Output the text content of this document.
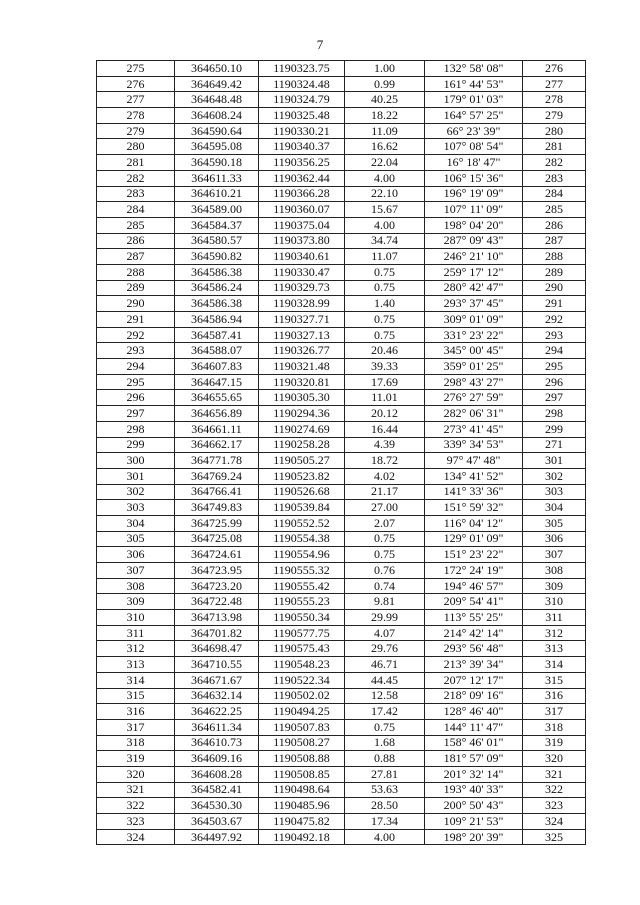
7
275	364650.10	1190323.75	1.00	132° 58' 08"	276
276	364649.42	1190324.48	0.99	161° 44' 53"	277
277	364648.48	1190324.79	40.25	179° 01' 03"	278
278	364608.24	1190325.48	18.22	164° 57' 25"	279
279	364590.64	1190330.21	11.09	66° 23' 39"	280
280	364595.08	1190340.37	16.62	107° 08' 54"	281
281	364590.18	1190356.25	22.04	16° 18' 47"	282
282	364611.33	1190362.44	4.00	106° 15' 36"	283
283	364610.21	1190366.28	22.10	196° 19' 09"	284
284	364589.00	1190360.07	15.67	107° 11' 09"	285
285	364584.37	1190375.04	4.00	198° 04' 20"	286
286	364580.57	1190373.80	34.74	287° 09' 43"	287
287	364590.82	1190340.61	11.07	246° 21' 10"	288
288	364586.38	1190330.47	0.75	259° 17' 12"	289
289	364586.24	1190329.73	0.75	280° 42' 47"	290
290	364586.38	1190328.99	1.40	293° 37' 45"	291
291	364586.94	1190327.71	0.75	309° 01' 09"	292
292	364587.41	1190327.13	0.75	331° 23' 22"	293
293	364588.07	1190326.77	20.46	345° 00' 45"	294
294	364607.83	1190321.48	39.33	359° 01' 25"	295
295	364647.15	1190320.81	17.69	298° 43' 27"	296
296	364655.65	1190305.30	11.01	276° 27' 59"	297
297	364656.89	1190294.36	20.12	282° 06' 31"	298
298	364661.11	1190274.69	16.44	273° 41' 45"	299
299	364662.17	1190258.28	4.39	339° 34' 53"	271
300	364771.78	1190505.27	18.72	97° 47' 48"	301
301	364769.24	1190523.82	4.02	134° 41' 52"	302
302	364766.41	1190526.68	21.17	141° 33' 36"	303
303	364749.83	1190539.84	27.00	151° 59' 32"	304
304	364725.99	1190552.52	2.07	116° 04' 12"	305
305	364725.08	1190554.38	0.75	129° 01' 09"	306
306	364724.61	1190554.96	0.75	151° 23' 22"	307
307	364723.95	1190555.32	0.76	172° 24' 19"	308
308	364723.20	1190555.42	0.74	194° 46' 57"	309
309	364722.48	1190555.23	9.81	209° 54' 41"	310
310	364713.98	1190550.34	29.99	113° 55' 25"	311
311	364701.82	1190577.75	4.07	214° 42' 14"	312
312	364698.47	1190575.43	29.76	293° 56' 48"	313
313	364710.55	1190548.23	46.71	213° 39' 34"	314
314	364671.67	1190522.34	44.45	207° 12' 17"	315
315	364632.14	1190502.02	12.58	218° 09' 16"	316
316	364622.25	1190494.25	17.42	128° 46' 40"	317
317	364611.34	1190507.83	0.75	144° 11' 47"	318
318	364610.73	1190508.27	1.68	158° 46' 01"	319
319	364609.16	1190508.88	0.88	181° 57' 09"	320
320	364608.28	1190508.85	27.81	201° 32' 14"	321
321	364582.41	1190498.64	53.63	193° 40' 33"	322
322	364530.30	1190485.96	28.50	200° 50' 43"	323
323	364503.67	1190475.82	17.34	109° 21' 53"	324
324	364497.92	1190492.18	4.00	198° 20' 39"	325
